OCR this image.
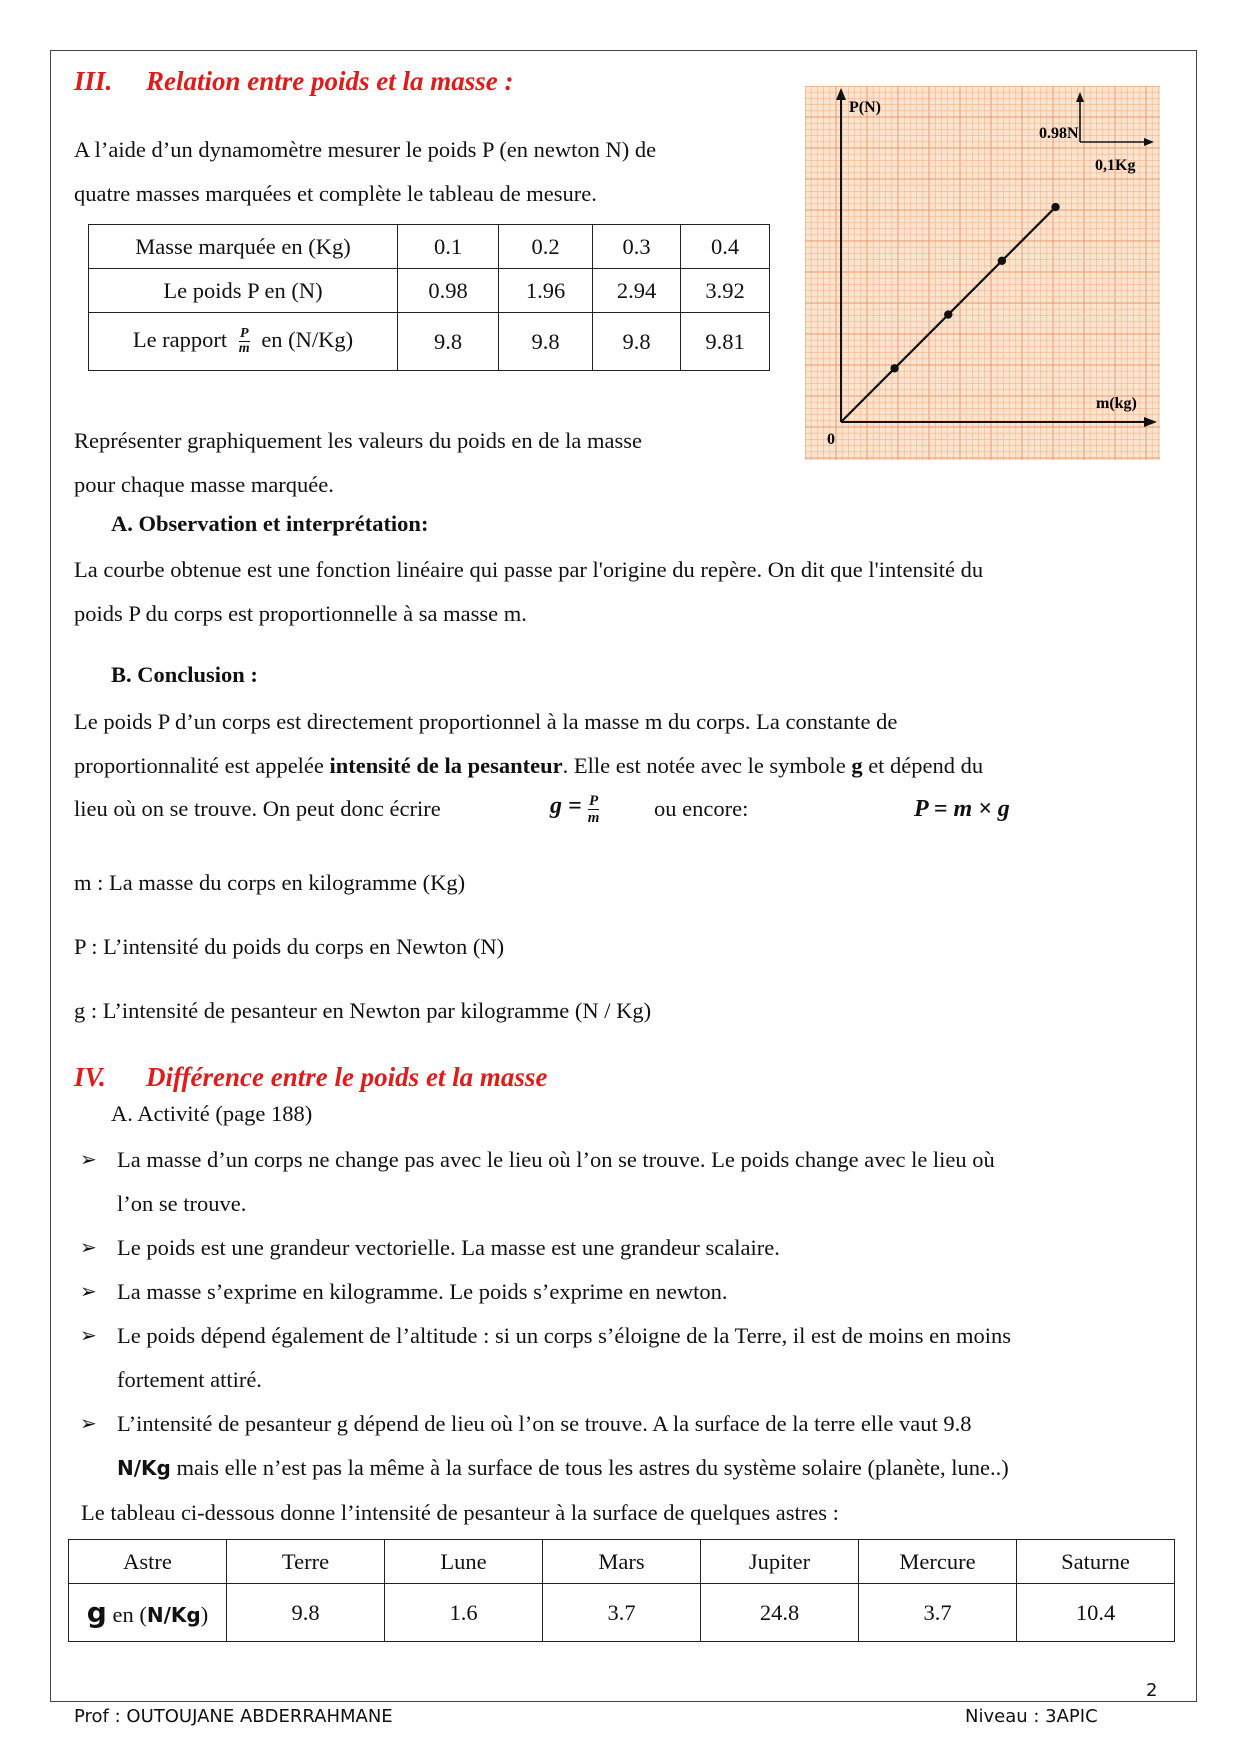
III. Relation entre poids et la masse :
A l’aide d’un dynamomètre mesurer le poids P (en newton N) de
quatre masses marquées et complète le tableau de mesure.
Masse marquée en (Kg)	0.1	0.2	0.3	0.4
Le poids P en (N)	0.98	1.96	2.94	3.92
Le rapport $\frac{P}{m}$ en (N/Kg)	9.8	9.8	9.8	9.81
P(N)
0.98N
0,1Kg
m(kg)
0
Représenter graphiquement les valeurs du poids en de la masse
pour chaque masse marquée.
A. Observation et interprétation:
La courbe obtenue est une fonction linéaire qui passe par l'origine du repère. On dit que l'intensité du
poids P du corps est proportionnelle à sa masse m.
B. Conclusion :
Le poids P d’un corps est directement proportionnel à la masse m du corps. La constante de
proportionnalité est appelée intensité de la pesanteur. Elle est notée avec le symbole g et dépend du
lieu où on se trouve. On peut donc écrire	$g = \frac{P}{m}$ ou encore:	P = m × g
m : La masse du corps en kilogramme (Kg)
P : L’intensité du poids du corps en Newton (N)
g : L’intensité de pesanteur en Newton par kilogramme (N / Kg)
IV. Différence entre le poids et la masse
A. Activité (page 188)
➢ La masse d’un corps ne change pas avec le lieu où l’on se trouve. Le poids change avec le lieu où
l’on se trouve.
➢ Le poids est une grandeur vectorielle. La masse est une grandeur scalaire.
➢ La masse s’exprime en kilogramme. Le poids s’exprime en newton.
➢ Le poids dépend également de l’altitude : si un corps s’éloigne de la Terre, il est de moins en moins
fortement attiré.
➢ L’intensité de pesanteur g dépend de lieu où l’on se trouve. A la surface de la terre elle vaut 9.8
N/Kg mais elle n’est pas la même à la surface de tous les astres du système solaire (planète, lune..)
Le tableau ci-dessous donne l’intensité de pesanteur à la surface de quelques astres :
Astre	Terre	Lune	Mars	Jupiter	Mercure	Saturne
g en (N/Kg)	9.8	1.6	3.7	24.8	3.7	10.4
2
Prof : OUTOUJANE ABDERRAHMANE	Niveau : 3APIC
